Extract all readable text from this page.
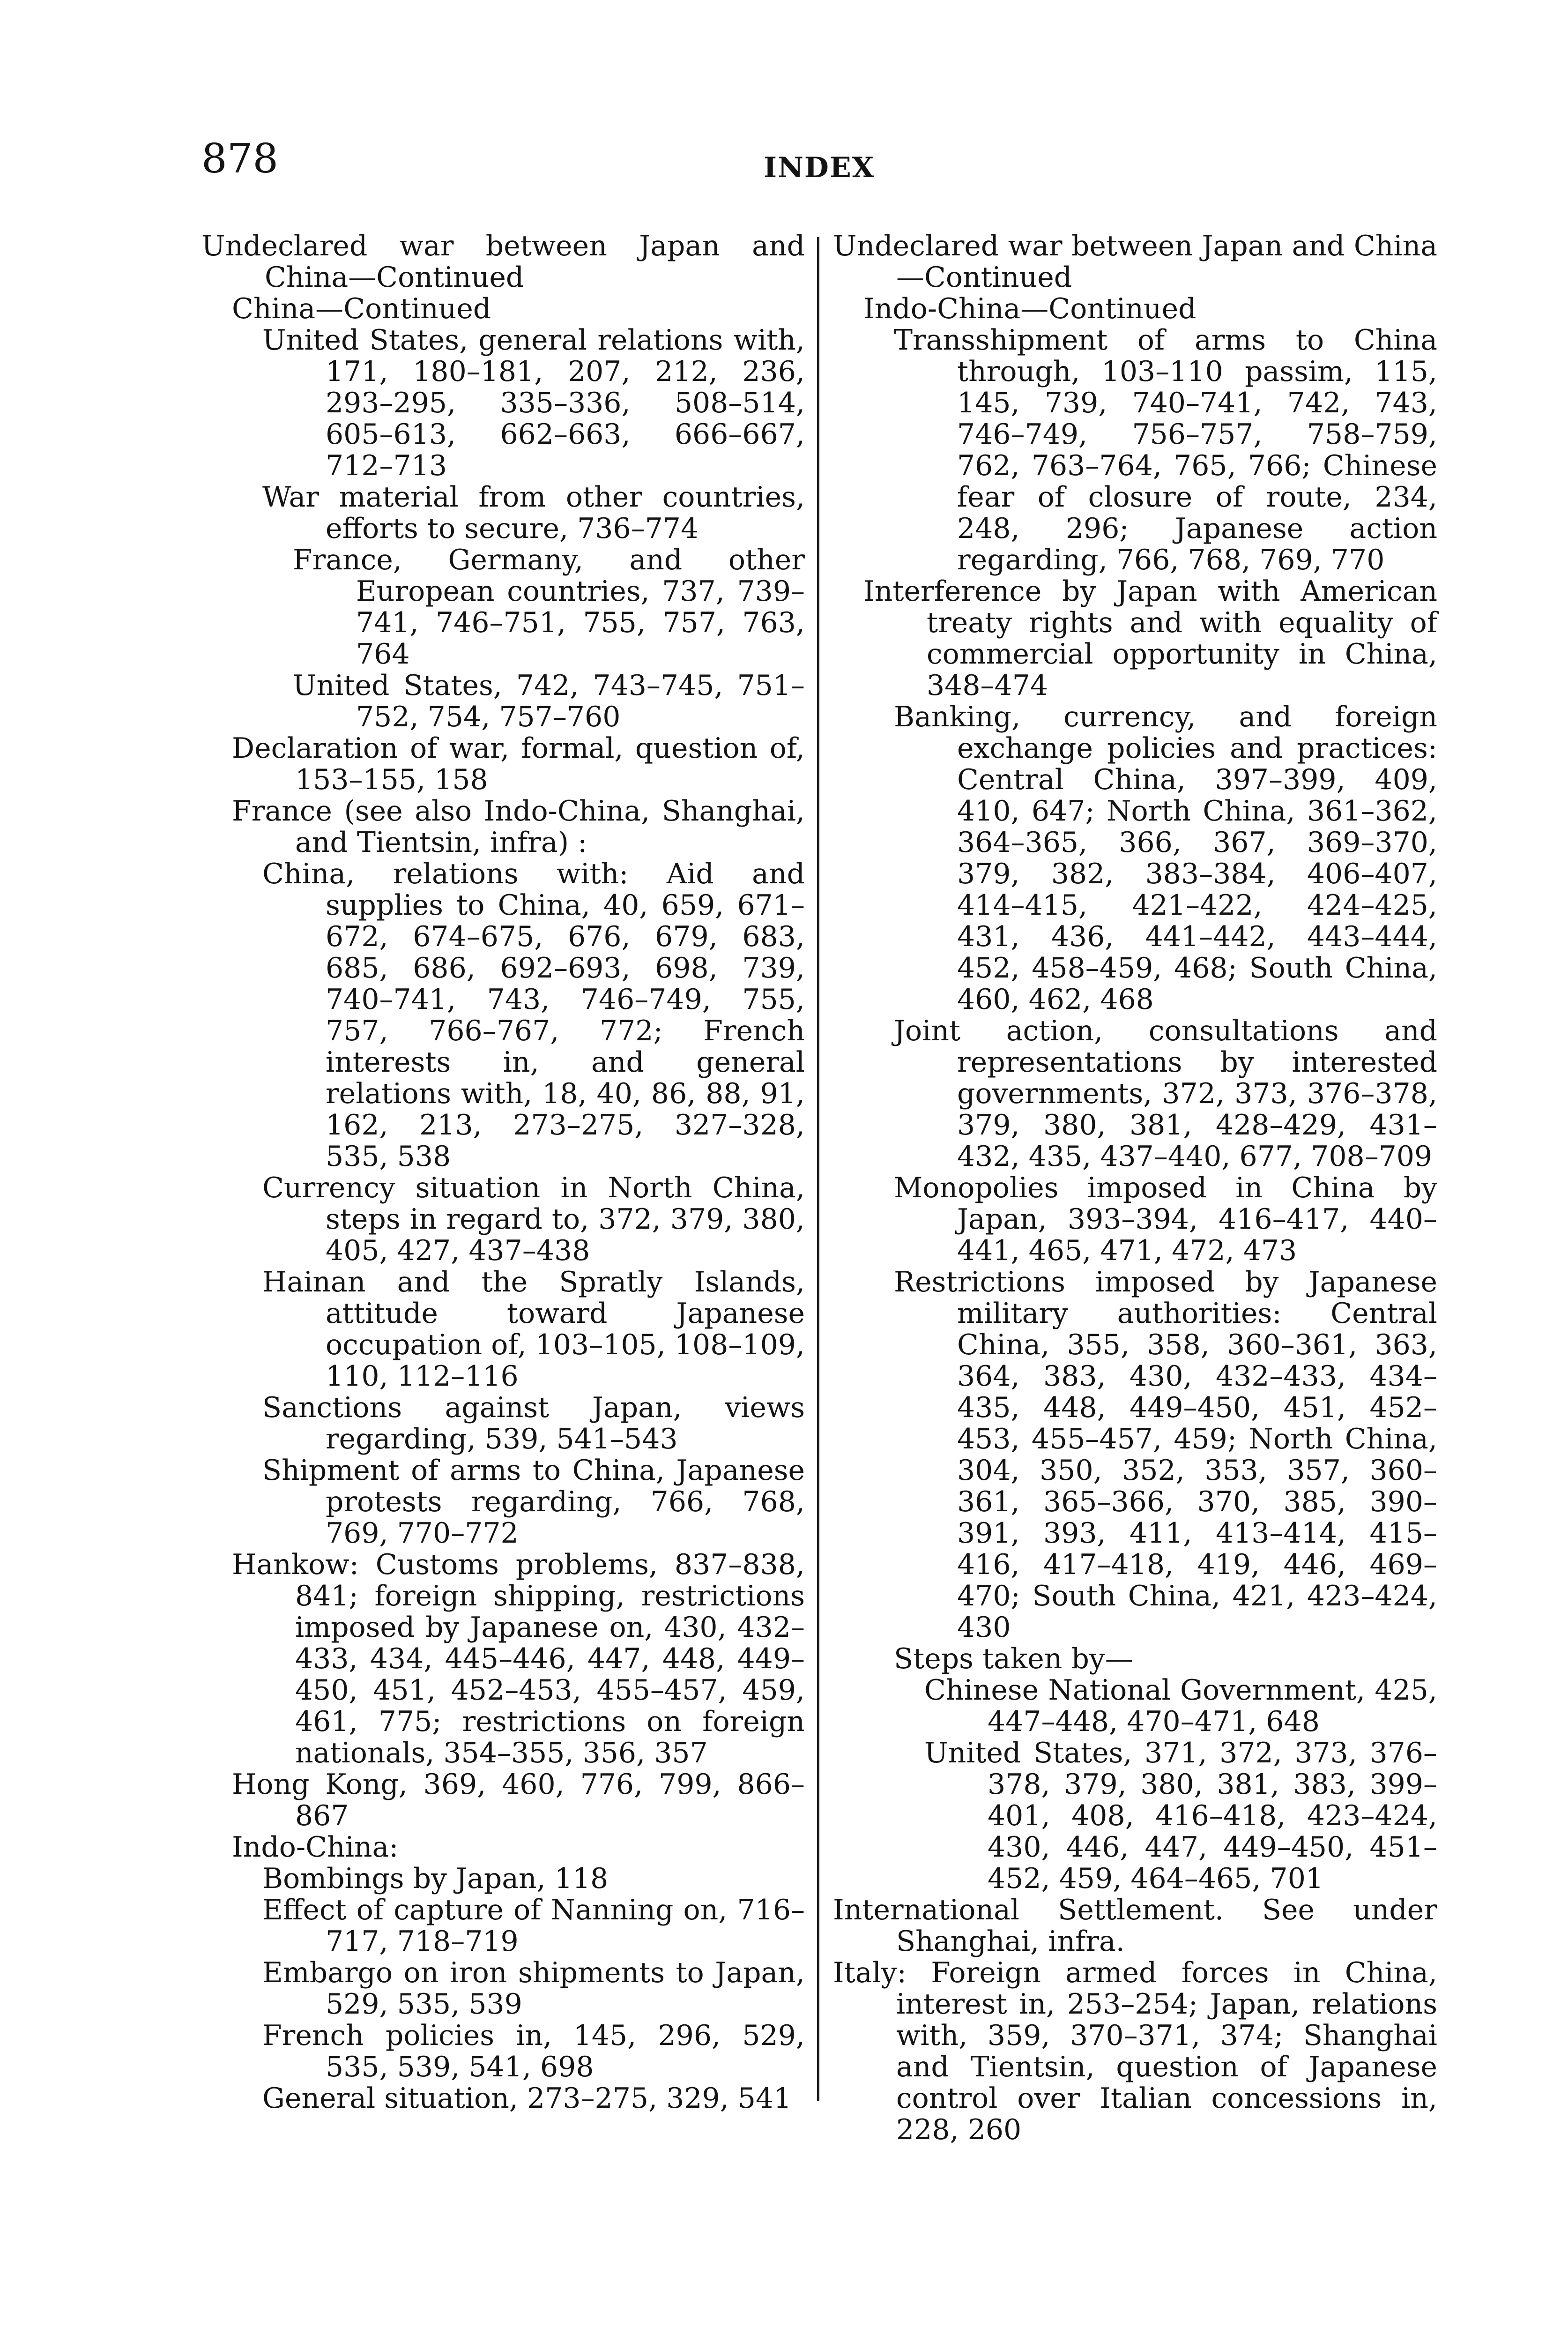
878	INDEX

Undeclared war between Japan and China—Continued

China—Continued

United States, general relations with, 171, 180–181, 207, 212, 236, 293–295, 335–336, 508–514, 605–613, 662–663, 666–667, 712–713

War material from other countries, efforts to secure, 736–774

France, Germany, and other European countries, 737, 739–741, 746–751, 755, 757, 763, 764

United States, 742, 743–745, 751–752, 754, 757–760

Declaration of war, formal, question of, 153–155, 158

France (see also Indo-China, Shanghai, and Tientsin, infra) :

China, relations with: Aid and supplies to China, 40, 659, 671–672, 674–675, 676, 679, 683, 685, 686, 692–693, 698, 739, 740–741, 743, 746–749, 755, 757, 766–767, 772; French interests in, and general relations with, 18, 40, 86, 88, 91, 162, 213, 273–275, 327–328, 535, 538

Currency situation in North China, steps in regard to, 372, 379, 380, 405, 427, 437–438

Hainan and the Spratly Islands, attitude toward Japanese occupation of, 103–105, 108–109, 110, 112–116

Sanctions against Japan, views regarding, 539, 541–543

Shipment of arms to China, Japanese protests regarding, 766, 768, 769, 770–772

Hankow: Customs problems, 837–838, 841; foreign shipping, restrictions imposed by Japanese on, 430, 432–433, 434, 445–446, 447, 448, 449–450, 451, 452–453, 455–457, 459, 461, 775; restrictions on foreign nationals, 354–355, 356, 357

Hong Kong, 369, 460, 776, 799, 866–867

Indo-China:

Bombings by Japan, 118

Effect of capture of Nanning on, 716–717, 718–719

Embargo on iron shipments to Japan, 529, 535, 539

French policies in, 145, 296, 529, 535, 539, 541, 698

General situation, 273–275, 329, 541

Undeclared war between Japan and China—Continued

Indo-China—Continued

Transshipment of arms to China through, 103–110 passim, 115, 145, 739, 740–741, 742, 743, 746–749, 756–757, 758–759, 762, 763–764, 765, 766; Chinese fear of closure of route, 234, 248, 296; Japanese action regarding, 766, 768, 769, 770

Interference by Japan with American treaty rights and with equality of commercial opportunity in China, 348–474

Banking, currency, and foreign exchange policies and practices: Central China, 397–399, 409, 410, 647; North China, 361–362, 364–365, 366, 367, 369–370, 379, 382, 383–384, 406–407, 414–415, 421–422, 424–425, 431, 436, 441–442, 443–444, 452, 458–459, 468; South China, 460, 462, 468

Joint action, consultations and representations by interested governments, 372, 373, 376–378, 379, 380, 381, 428–429, 431–432, 435, 437–440, 677, 708–709

Monopolies imposed in China by Japan, 393–394, 416–417, 440–441, 465, 471, 472, 473

Restrictions imposed by Japanese military authorities: Central China, 355, 358, 360–361, 363, 364, 383, 430, 432–433, 434–435, 448, 449–450, 451, 452–453, 455–457, 459; North China, 304, 350, 352, 353, 357, 360–361, 365–366, 370, 385, 390–391, 393, 411, 413–414, 415–416, 417–418, 419, 446, 469–470; South China, 421, 423–424, 430

Steps taken by—

Chinese National Government, 425, 447–448, 470–471, 648

United States, 371, 372, 373, 376–378, 379, 380, 381, 383, 399–401, 408, 416–418, 423–424, 430, 446, 447, 449–450, 451–452, 459, 464–465, 701

International Settlement. See under Shanghai, infra.

Italy: Foreign armed forces in China, interest in, 253–254; Japan, relations with, 359, 370–371, 374; Shanghai and Tientsin, question of Japanese control over Italian concessions in, 228, 260
